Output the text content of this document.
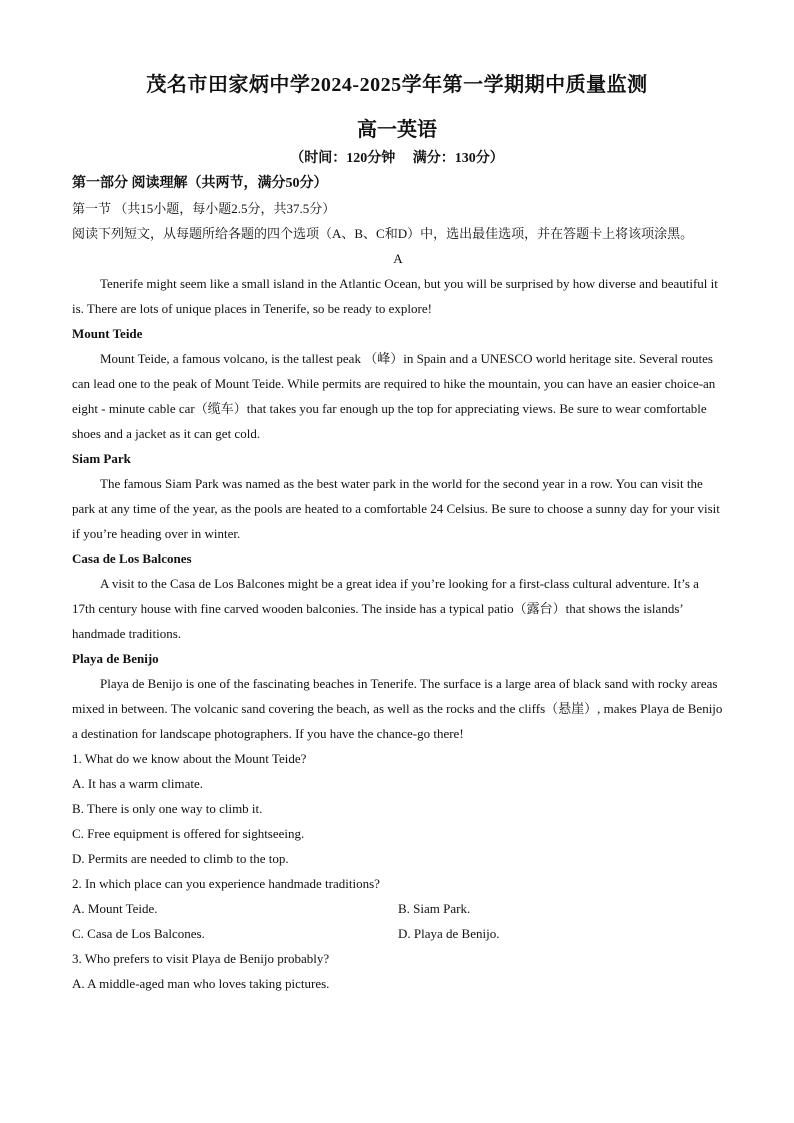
茂名市田家炳中学2024-2025学年第一学期期中质量监测
高一英语
（时间：120分钟　 满分：130分）

第一部分 阅读理解（共两节，满分50分）

第一节 （共15小题，每小题2.5分，共37.5分）

阅读下列短文，从每题所给各题的四个选项（A、B、C和D）中，选出最佳选项，并在答题卡上将该项涂黑。

A

Tenerife might seem like a small island in the Atlantic Ocean, but you will be surprised by how diverse and beautiful it is. There are lots of unique places in Tenerife, so be ready to explore!

Mount Teide

Mount Teide, a famous volcano, is the tallest peak （峰）in Spain and a UNESCO world heritage site. Several routes can lead one to the peak of Mount Teide. While permits are required to hike the mountain, you can have an easier choice-an eight - minute cable car（缆车）that takes you far enough up the top for appreciating views. Be sure to wear comfortable shoes and a jacket as it can get cold.

Siam Park

The famous Siam Park was named as the best water park in the world for the second year in a row. You can visit the park at any time of the year, as the pools are heated to a comfortable 24 Celsius. Be sure to choose a sunny day for your visit if you’re heading over in winter.

Casa de Los Balcones

A visit to the Casa de Los Balcones might be a great idea if you’re looking for a first-class cultural adventure. It’s a 17th century house with fine carved wooden balconies. The inside has a typical patio（露台）that shows the islands’ handmade traditions.

Playa de Benijo

Playa de Benijo is one of the fascinating beaches in Tenerife. The surface is a large area of black sand with rocky areas mixed in between. The volcanic sand covering the beach, as well as the rocks and the cliffs（悬崖）, makes Playa de Benijo a destination for landscape photographers. If you have the chance-go there!

1. What do we know about the Mount Teide?

A. It has a warm climate.

B. There is only one way to climb it.

C. Free equipment is offered for sightseeing.

D. Permits are needed to climb to the top.

2. In which place can you experience handmade traditions?

A. Mount Teide.	B. Siam Park.
C. Casa de Los Balcones.	D. Playa de Benijo.

3. Who prefers to visit Playa de Benijo probably?

A. A middle-aged man who loves taking pictures.
